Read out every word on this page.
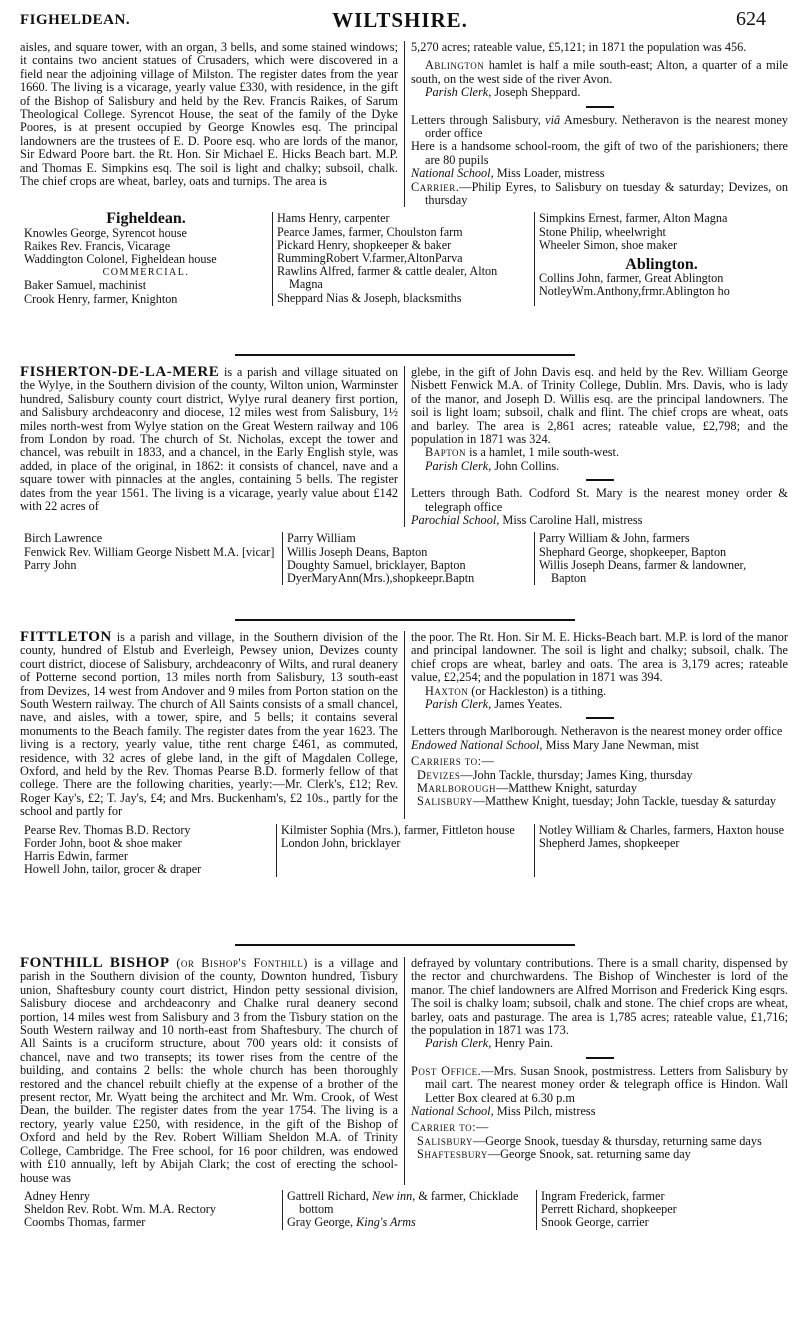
FIGHELDEAN.	WILTSHIRE.	624

aisles, and square tower, with an organ, 3 bells, and some stained windows; it contains two ancient statues of Crusaders, which were discovered in a field near the adjoining village of Milston. The register dates from the year 1660. The living is a vicarage, yearly value £330, with residence, in the gift of the Bishop of Salisbury and held by the Rev. Francis Raikes, of Sarum Theological College. Syrencot House, the seat of the family of the Dyke Poores, is at present occupied by George Knowles esq. The principal landowners are the trustees of E. D. Poore esq. who are lords of the manor, Sir Edward Poore bart. the Rt. Hon. Sir Michael E. Hicks Beach bart. M.P. and Thomas E. Simpkins esq. The soil is light and chalky; subsoil, chalk. The chief crops are wheat, barley, oats and turnips. The area is

5,270 acres; rateable value, £5,121; in 1871 the population was 456.

Ablington hamlet is half a mile south-east; Alton, a quarter of a mile south, on the west side of the river Avon.

Parish Clerk, Joseph Sheppard.

Letters through Salisbury, viâ Amesbury. Netheravon is the nearest money order office

Here is a handsome school-room, the gift of two of the parishioners; there are 80 pupils

National School, Miss Loader, mistress

Carrier.—Philip Eyres, to Salisbury on tuesday & saturday; Devizes, on thursday

Figheldean.
Knowles George, Syrencot house
Raikes Rev. Francis, Vicarage
Waddington Colonel, Figheldean house
COMMERCIAL.
Baker Samuel, machinist
Crook Henry, farmer, Knighton
Hams Henry, carpenter
Pearce James, farmer, Choulston farm
Pickard Henry, shopkeeper & baker
RummingRobert V.farmer,AltonParva
Rawlins Alfred, farmer & cattle dealer, Alton Magna
Sheppard Nias & Joseph, blacksmiths
Simpkins Ernest, farmer, Alton Magna
Stone Philip, wheelwright
Wheeler Simon, shoe maker
Ablington.
Collins John, farmer, Great Ablington
NotleyWm.Anthony,frmr.Ablington ho

FISHERTON-DE-LA-MERE is a parish and village situated on the Wylye, in the Southern division of the county, Wilton union, Warminster hundred, Salisbury county court district, Wylye rural deanery first portion, and Salisbury archdeaconry and diocese, 12 miles west from Salisbury, 1½ miles north-west from Wylye station on the Great Western railway and 106 from London by road. The church of St. Nicholas, except the tower and chancel, was rebuilt in 1833, and a chancel, in the Early English style, was added, in place of the original, in 1862: it consists of chancel, nave and a square tower with pinnacles at the angles, containing 5 bells. The register dates from the year 1561. The living is a vicarage, yearly value about £142 with 22 acres of

glebe, in the gift of John Davis esq. and held by the Rev. William George Nisbett Fenwick M.A. of Trinity College, Dublin. Mrs. Davis, who is lady of the manor, and Joseph D. Willis esq. are the principal landowners. The soil is light loam; subsoil, chalk and flint. The chief crops are wheat, oats and barley. The area is 2,861 acres; rateable value, £2,798; and the population in 1871 was 324.

Bapton is a hamlet, 1 mile south-west.

Parish Clerk, John Collins.

Letters through Bath. Codford St. Mary is the nearest money order & telegraph office

Parochial School, Miss Caroline Hall, mistress

Birch Lawrence
Fenwick Rev. William George Nisbett M.A. [vicar]
Parry John
Parry William
Willis Joseph Deans, Bapton
Doughty Samuel, bricklayer, Bapton
DyerMaryAnn(Mrs.),shopkeepr.Baptn
Parry William & John, farmers
Shephard George, shopkeeper, Bapton
Willis Joseph Deans, farmer & landowner, Bapton

FITTLETON is a parish and village, in the Southern division of the county, hundred of Elstub and Everleigh, Pewsey union, Devizes county court district, diocese of Salisbury, archdeaconry of Wilts, and rural deanery of Potterne second portion, 13 miles north from Salisbury, 13 south-east from Devizes, 14 west from Andover and 9 miles from Porton station on the South Western railway. The church of All Saints consists of a small chancel, nave, and aisles, with a tower, spire, and 5 bells; it contains several monuments to the Beach family. The register dates from the year 1623. The living is a rectory, yearly value, tithe rent charge £461, as commuted, residence, with 32 acres of glebe land, in the gift of Magdalen College, Oxford, and held by the Rev. Thomas Pearse B.D. formerly fellow of that college. There are the following charities, yearly:—Mr. Clerk's, £12; Rev. Roger Kay's, £2; T. Jay's, £4; and Mrs. Buckenham's, £2 10s., partly for the school and partly for

the poor. The Rt. Hon. Sir M. E. Hicks-Beach bart. M.P. is lord of the manor and principal landowner. The soil is light and chalky; subsoil, chalk. The chief crops are wheat, barley and oats. The area is 3,179 acres; rateable value, £2,254; and the population in 1871 was 394.

Haxton (or Hackleston) is a tithing.

Parish Clerk, James Yeates.

Letters through Marlborough. Netheravon is the nearest money order office

Endowed National School, Miss Mary Jane Newman, mist

Carriers to:—

Devizes—John Tackle, thursday; James King, thursday

Marlborough—Matthew Knight, saturday

Salisbury—Matthew Knight, tuesday; John Tackle, tuesday & saturday

Pearse Rev. Thomas B.D. Rectory
Forder John, boot & shoe maker
Harris Edwin, farmer
Howell John, tailor, grocer & draper
Kilmister Sophia (Mrs.), farmer, Fittleton house
London John, bricklayer
Notley William & Charles, farmers, Haxton house
Shepherd James, shopkeeper

FONTHILL BISHOP (or Bishop's Fonthill) is a village and parish in the Southern division of the county, Downton hundred, Tisbury union, Shaftesbury county court district, Hindon petty sessional division, Salisbury diocese and archdeaconry and Chalke rural deanery second portion, 14 miles west from Salisbury and 3 from the Tisbury station on the South Western railway and 10 north-east from Shaftesbury. The church of All Saints is a cruciform structure, about 700 years old: it consists of chancel, nave and two transepts; its tower rises from the centre of the building, and contains 2 bells: the whole church has been thoroughly restored and the chancel rebuilt chiefly at the expense of a brother of the present rector, Mr. Wyatt being the architect and Mr. Wm. Crook, of West Dean, the builder. The register dates from the year 1754. The living is a rectory, yearly value £250, with residence, in the gift of the Bishop of Oxford and held by the Rev. Robert William Sheldon M.A. of Trinity College, Cambridge. The Free school, for 16 poor children, was endowed with £10 annually, left by Abijah Clark; the cost of erecting the school-house was

defrayed by voluntary contributions. There is a small charity, dispensed by the rector and churchwardens. The Bishop of Winchester is lord of the manor. The chief landowners are Alfred Morrison and Frederick King esqrs. The soil is chalky loam; subsoil, chalk and stone. The chief crops are wheat, barley, oats and pasturage. The area is 1,785 acres; rateable value, £1,716; the population in 1871 was 173.

Parish Clerk, Henry Pain.

Post Office.—Mrs. Susan Snook, postmistress. Letters from Salisbury by mail cart. The nearest money order & telegraph office is Hindon. Wall Letter Box cleared at 6.30 p.m

National School, Miss Pilch, mistress

Carrier to:—

Salisbury—George Snook, tuesday & thursday, returning same days

Shaftesbury—George Snook, sat. returning same day

Adney Henry
Sheldon Rev. Robt. Wm. M.A. Rectory
Coombs Thomas, farmer
Gattrell Richard, New inn, & farmer, Chicklade bottom
Gray George, King's Arms
Ingram Frederick, farmer
Perrett Richard, shopkeeper
Snook George, carrier
